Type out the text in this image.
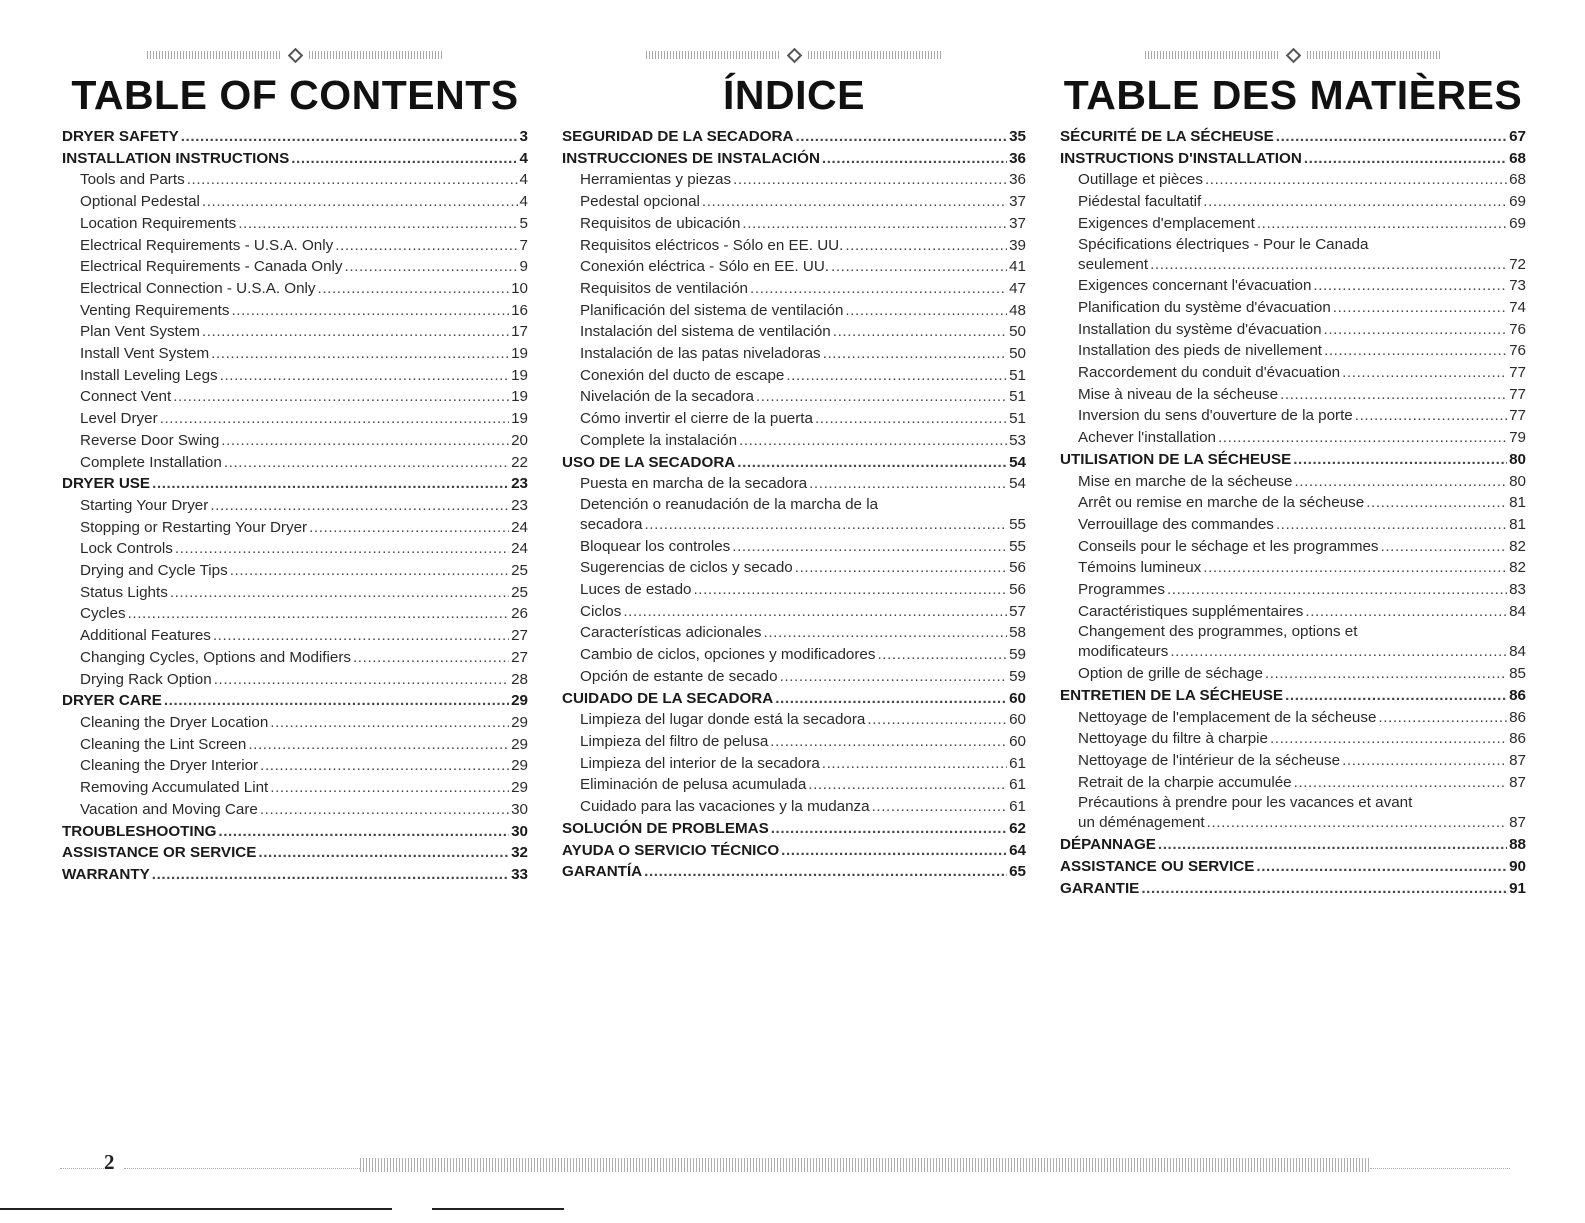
TABLE OF CONTENTS
DRYER SAFETY .....	3
INSTALLATION INSTRUCTIONS .....	4
Tools and Parts .....	4
Optional Pedestal .....	4
Location Requirements .....	5
Electrical Requirements - U.S.A. Only .....	7
Electrical Requirements - Canada Only .....	9
Electrical Connection - U.S.A. Only .....	10
Venting Requirements .....	16
Plan Vent System .....	17
Install Vent System .....	19
Install Leveling Legs .....	19
Connect Vent .....	19
Level Dryer .....	19
Reverse Door Swing .....	20
Complete Installation .....	22
DRYER USE .....	23
Starting Your Dryer .....	23
Stopping or Restarting Your Dryer .....	24
Lock Controls .....	24
Drying and Cycle Tips .....	25
Status Lights .....	25
Cycles .....	26
Additional Features .....	27
Changing Cycles, Options and Modifiers .....	27
Drying Rack Option .....	28
DRYER CARE .....	29
Cleaning the Dryer Location .....	29
Cleaning the Lint Screen .....	29
Cleaning the Dryer Interior .....	29
Removing Accumulated Lint .....	29
Vacation and Moving Care .....	30
TROUBLESHOOTING .....	30
ASSISTANCE OR SERVICE .....	32
WARRANTY .....	33
ÍNDICE
SEGURIDAD DE LA SECADORA .....	35
INSTRUCCIONES DE INSTALACIÓN .....	36
Herramientas y piezas .....	36
Pedestal opcional .....	37
Requisitos de ubicación .....	37
Requisitos eléctricos - Sólo en EE. UU. .....	39
Conexión eléctrica - Sólo en EE. UU. .....	41
Requisitos de ventilación .....	47
Planificación del sistema de ventilación .....	48
Instalación del sistema de ventilación .....	50
Instalación de las patas niveladoras .....	50
Conexión del ducto de escape .....	51
Nivelación de la secadora .....	51
Cómo invertir el cierre de la puerta .....	51
Complete la instalación .....	53
USO DE LA SECADORA .....	54
Puesta en marcha de la secadora .....	54
Detención o reanudación de la marcha de la
secadora .....	55
Bloquear los controles .....	55
Sugerencias de ciclos y secado .....	56
Luces de estado .....	56
Ciclos .....	57
Características adicionales .....	58
Cambio de ciclos, opciones y modificadores .....	59
Opción de estante de secado .....	59
CUIDADO DE LA SECADORA .....	60
Limpieza del lugar donde está la secadora .....	60
Limpieza del filtro de pelusa .....	60
Limpieza del interior de la secadora .....	61
Eliminación de pelusa acumulada .....	61
Cuidado para las vacaciones y la mudanza .....	61
SOLUCIÓN DE PROBLEMAS .....	62
AYUDA O SERVICIO TÉCNICO .....	64
GARANTÍA .....	65
TABLE DES MATIÈRES
SÉCURITÉ DE LA SÉCHEUSE .....	67
INSTRUCTIONS D'INSTALLATION .....	68
Outillage et pièces .....	68
Piédestal facultatif .....	69
Exigences d'emplacement .....	69
Spécifications électriques - Pour le Canada
seulement .....	72
Exigences concernant l'évacuation .....	73
Planification du système d'évacuation .....	74
Installation du système d'évacuation .....	76
Installation des pieds de nivellement .....	76
Raccordement du conduit d'évacuation .....	77
Mise à niveau de la sécheuse .....	77
Inversion du sens d'ouverture de la porte .....	77
Achever l'installation .....	79
UTILISATION DE LA SÉCHEUSE .....	80
Mise en marche de la sécheuse .....	80
Arrêt ou remise en marche de la sécheuse .....	81
Verrouillage des commandes .....	81
Conseils pour le séchage et les programmes .....	82
Témoins lumineux .....	82
Programmes .....	83
Caractéristiques supplémentaires .....	84
Changement des programmes, options et
modificateurs .....	84
Option de grille de séchage .....	85
ENTRETIEN DE LA SÉCHEUSE .....	86
Nettoyage de l'emplacement de la sécheuse .....	86
Nettoyage du filtre à charpie .....	86
Nettoyage de l'intérieur de la sécheuse .....	87
Retrait de la charpie accumulée .....	87
Précautions à prendre pour les vacances et avant
un déménagement .....	87
DÉPANNAGE .....	88
ASSISTANCE OU SERVICE .....	90
GARANTIE .....	91
2
